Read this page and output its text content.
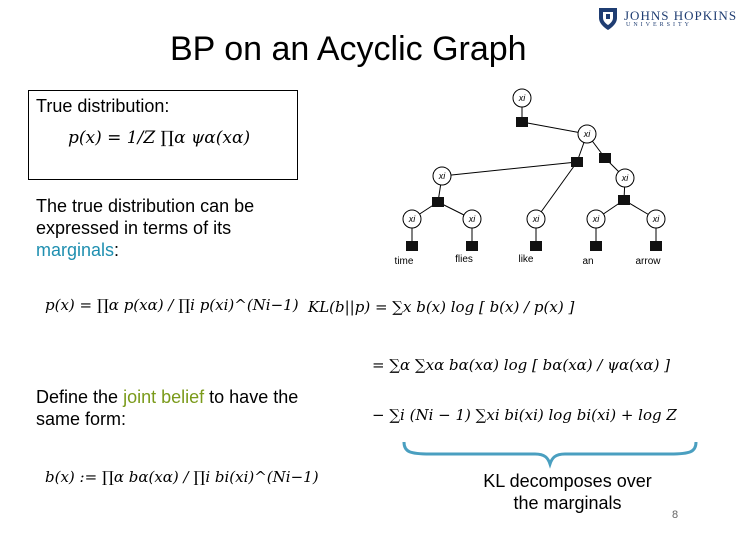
BP on an Acyclic Graph
JOHNS HOPKINS
UNIVERSITY
True distribution:
p(x) = 1/Z ∏α ψα(xα)
The true distribution can be expressed in terms of its marginals:
p(x) = ∏α p(xα) / ∏i p(xi)^(Ni−1)
Define the joint belief to have the same form:
b(x) := ∏α bα(xα) / ∏i bi(xi)^(Ni−1)
KL(b||p) = ∑x b(x) log [ b(x) / p(x) ]
= ∑α ∑xα bα(xα) log [ bα(xα) / ψα(xα) ]
− ∑i (Ni − 1) ∑xi bi(xi) log bi(xi) + log Z
KL decomposes over
the marginals
8
xi
xi
xi	xi
xi	xi	xi	xi	xi
time	flies	like	an	arrow
